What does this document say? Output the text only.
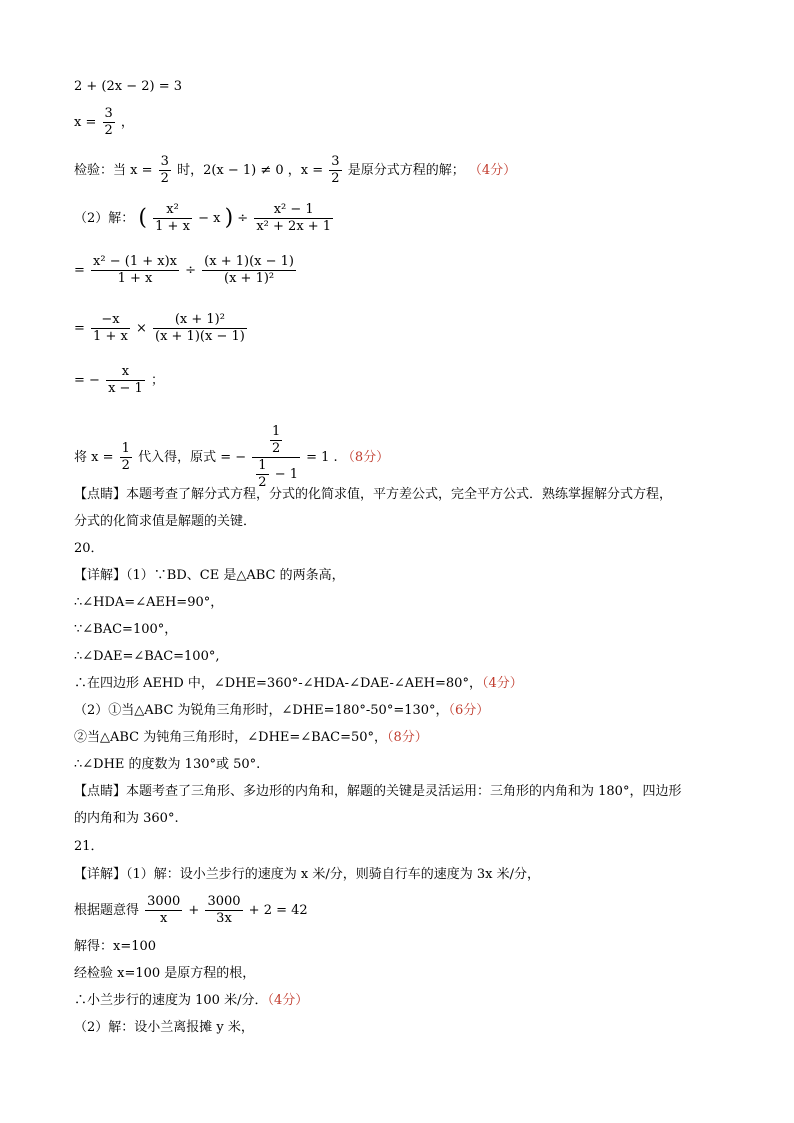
2 + (2x − 2) = 3
$x = \frac{3}{2}$ ，
检验：当 $x = \frac{3}{2}$ 时，2(x − 1) ≠ 0 ，$x = \frac{3}{2}$ 是原分式方程的解； （4分）
（2）解： ( $\frac{\text{x²}}{1 + x} - x$ ) ÷ $\frac{\text{x² − 1}}{\text{x² + 2x + 1}}$
= $\frac{\text{x² − (1 + x)x}}{1 + x} \div \frac{(x + 1)(x - 1)}{\text{(x + 1)²}}$
= $\frac{-x}{1 + x} \times \frac{\text{(x + 1)²}}{(x + 1)(x - 1)}$
= − $\frac{x}{x - 1}$ ；
将 $x = \frac{1}{2}$ 代入得，原式 = − $\frac{\frac{1}{2}}{\frac{1}{2} - 1} = 1$ . （8分）
【点睛】本题考查了解分式方程，分式的化简求值，平方差公式，完全平方公式．熟练掌握解分式方程，
分式的化简求值是解题的关键．
20．
【详解】（1）∵BD、CE 是△ABC 的两条高，
∴∠HDA=∠AEH=90°，
∵∠BAC=100°，
∴∠DAE=∠BAC=100°,
∴在四边形 AEHD 中，∠DHE=360°-∠HDA-∠DAE-∠AEH=80°，（4分）
（2）①当△ABC 为锐角三角形时，∠DHE=180°-50°=130°，（6分）
②当△ABC 为钝角三角形时，∠DHE=∠BAC=50°，（8分）
∴∠DHE 的度数为 130°或 50°.
【点睛】本题考查了三角形、多边形的内角和，解题的关键是灵活运用：三角形的内角和为 180°，四边形
的内角和为 360°.
21．
【详解】（1）解：设小兰步行的速度为 x 米/分，则骑自行车的速度为 3x 米/分，
根据题意得 $\frac{3000}{x} + \frac{3000}{3x} + 2 = 42$
解得：x=100
经检验 x=100 是原方程的根，
∴小兰步行的速度为 100 米/分．（4分）
（2）解：设小兰离报摊 y 米，
